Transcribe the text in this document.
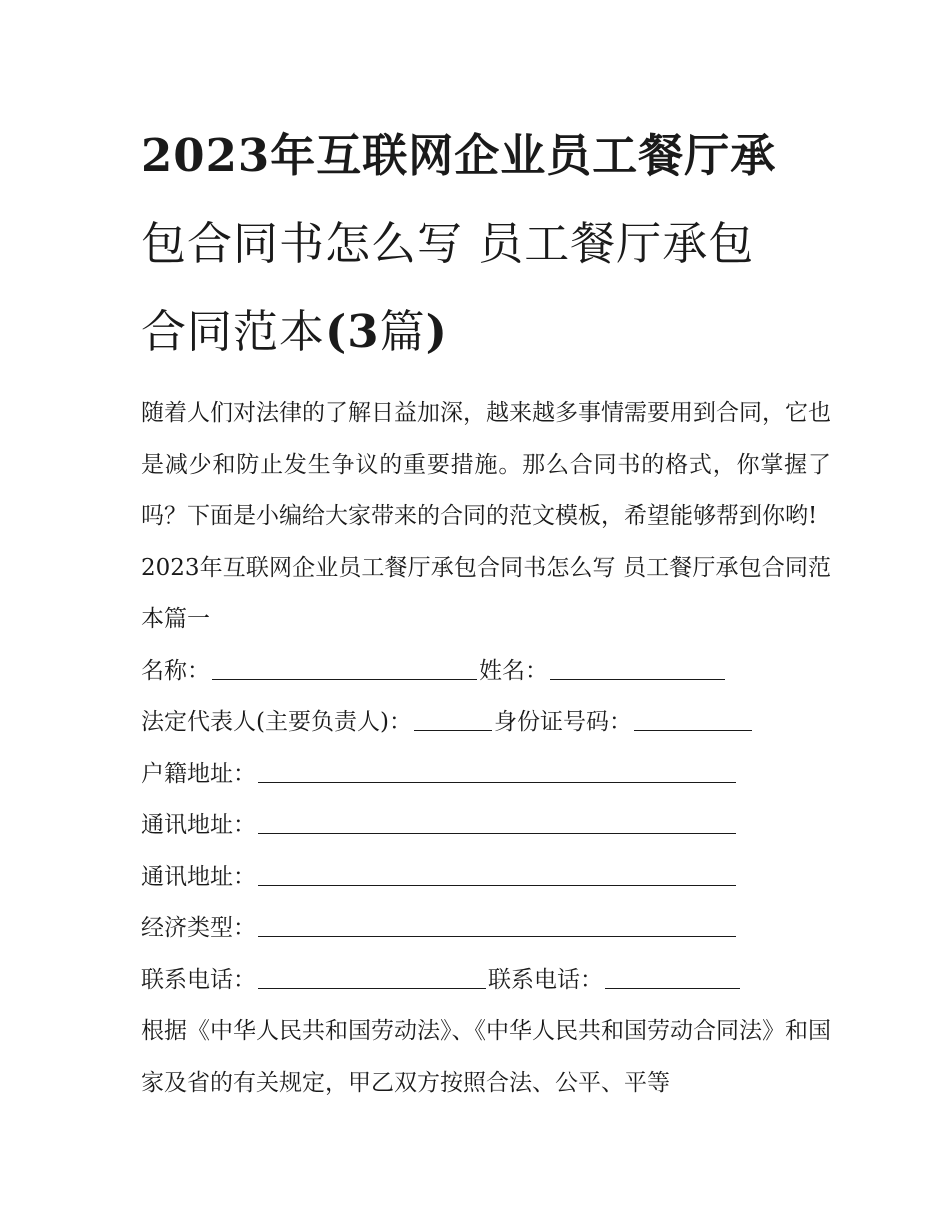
2023年互联网企业员工餐厅承
包合同书怎么写 员工餐厅承包
合同范本(3篇)

随着人们对法律的了解日益加深，越来越多事情需要用到合同，它也是减少和防止发生争议的重要措施。那么合同书的格式，你掌握了吗？下面是小编给大家带来的合同的范文模板，希望能够帮到你哟!

2023年互联网企业员工餐厅承包合同书怎么写 员工餐厅承包合同范本篇一

名称：	姓名：
法定代表人(主要负责人)：	身份证号码：
户籍地址：
通讯地址：
通讯地址：
经济类型：
联系电话：	联系电话：

根据《中华人民共和国劳动法》、《中华人民共和国劳动合同法》和国家及省的有关规定，甲乙双方按照合法、公平、平等
